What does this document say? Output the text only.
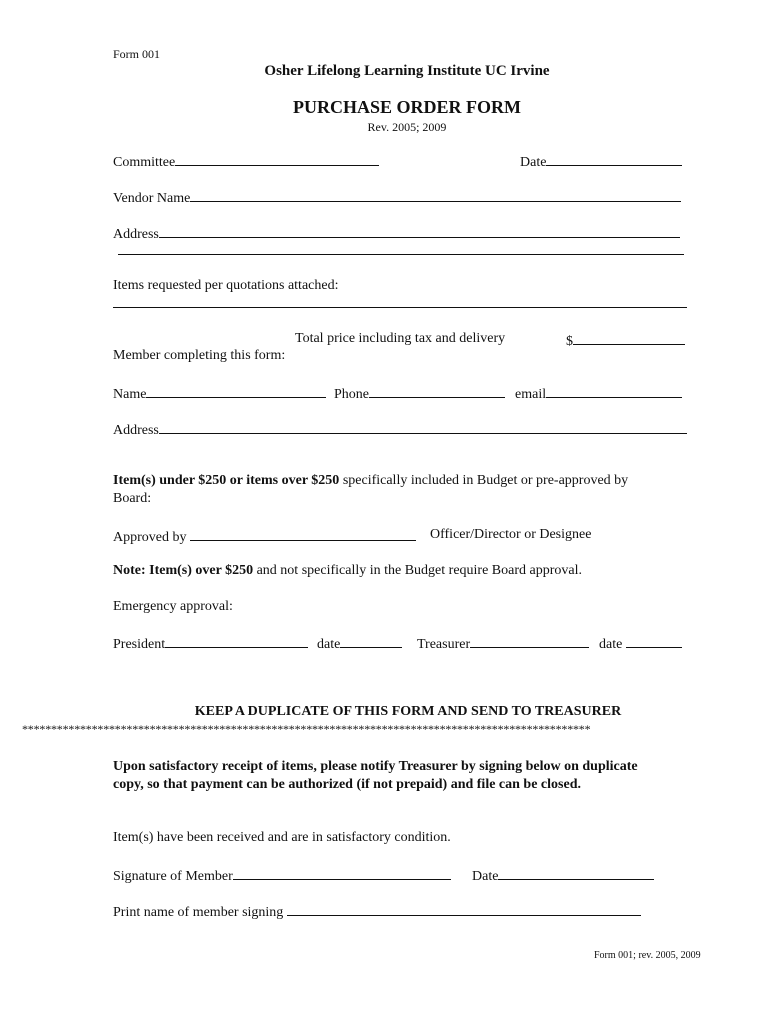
Form 001
Osher Lifelong Learning Institute UC Irvine
PURCHASE ORDER FORM
Rev. 2005; 2009
Committee	Date
Vendor Name
Address
Items requested per quotations attached:
Total price including tax and delivery	$
Member completing this form:
Name	Phone	email
Address
Item(s) under $250 or items over $250 specifically included in Budget or pre-approved by
Board:
Approved by	Officer/Director or Designee
Note: Item(s) over $250 and not specifically in the Budget require Board approval.
Emergency approval:
President	date	Treasurer	date
KEEP A DUPLICATE OF THIS FORM AND SEND TO TREASURER
**************************************************************************************************
Upon satisfactory receipt of items, please notify Treasurer by signing below on duplicate
copy, so that payment can be authorized (if not prepaid) and file can be closed.
Item(s) have been received and are in satisfactory condition.
Signature of Member	Date
Print name of member signing
Form 001; rev. 2005, 2009
